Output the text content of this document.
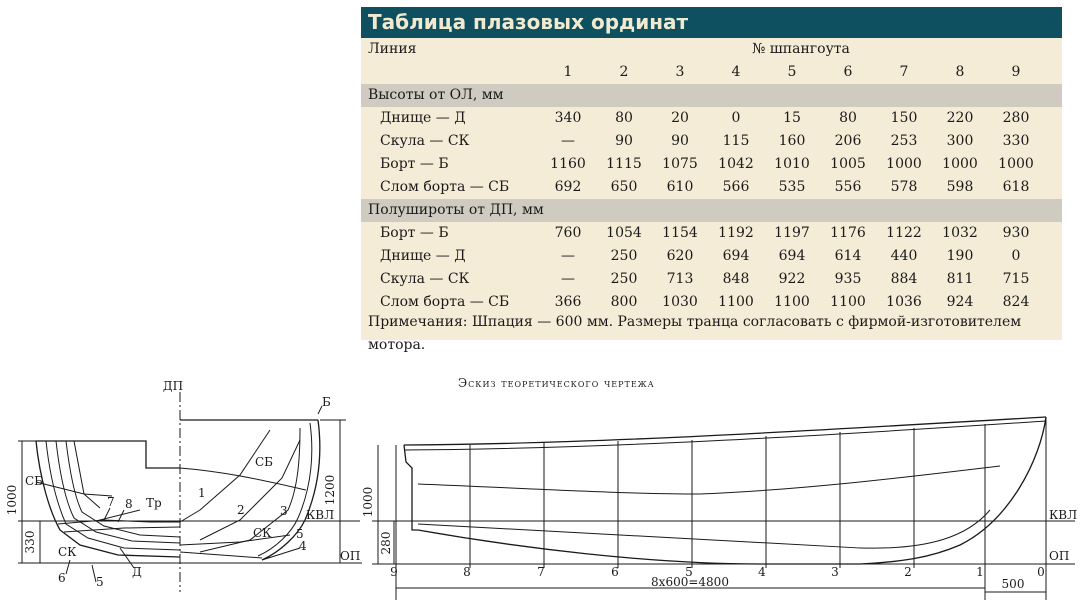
Таблица плазовых ординат
Линия	№ шпангоута
1	2	3	4	5	6	7	8	9
Высоты от ОЛ, мм
Днище — Д	340	80	20	0	15	80	150	220	280
Скула — СК	—	90	90	115	160	206	253	300	330
Борт — Б	1160	1115	1075	1042	1010	1005	1000	1000	1000
Слом борта — СБ	692	650	610	566	535	556	578	598	618
Полушироты от ДП, мм
Борт — Б	760	1054	1154	1192	1197	1176	1122	1032	930
Днище — Д	—	250	620	694	694	614	440	190	0
Скула — СК	—	250	713	848	922	935	884	811	715
Слом борта — СБ	366	800	1030	1100	1100	1100	1036	924	824
Примечания: Шпация — 600 мм. Размеры транца согласовать с фирмой-изготовителем мотора.
Эскиз теоретического чертежа
ДП
Б
СБ
СБ
СК
СК
Тр
Д
КВЛ
ОП
1000
330
1200
1
2	3
4
5
5
6
7 8
КВЛ
ОП
1000
280
9	8	7	6	5	4	3	2	1	0
8x600=4800	500
